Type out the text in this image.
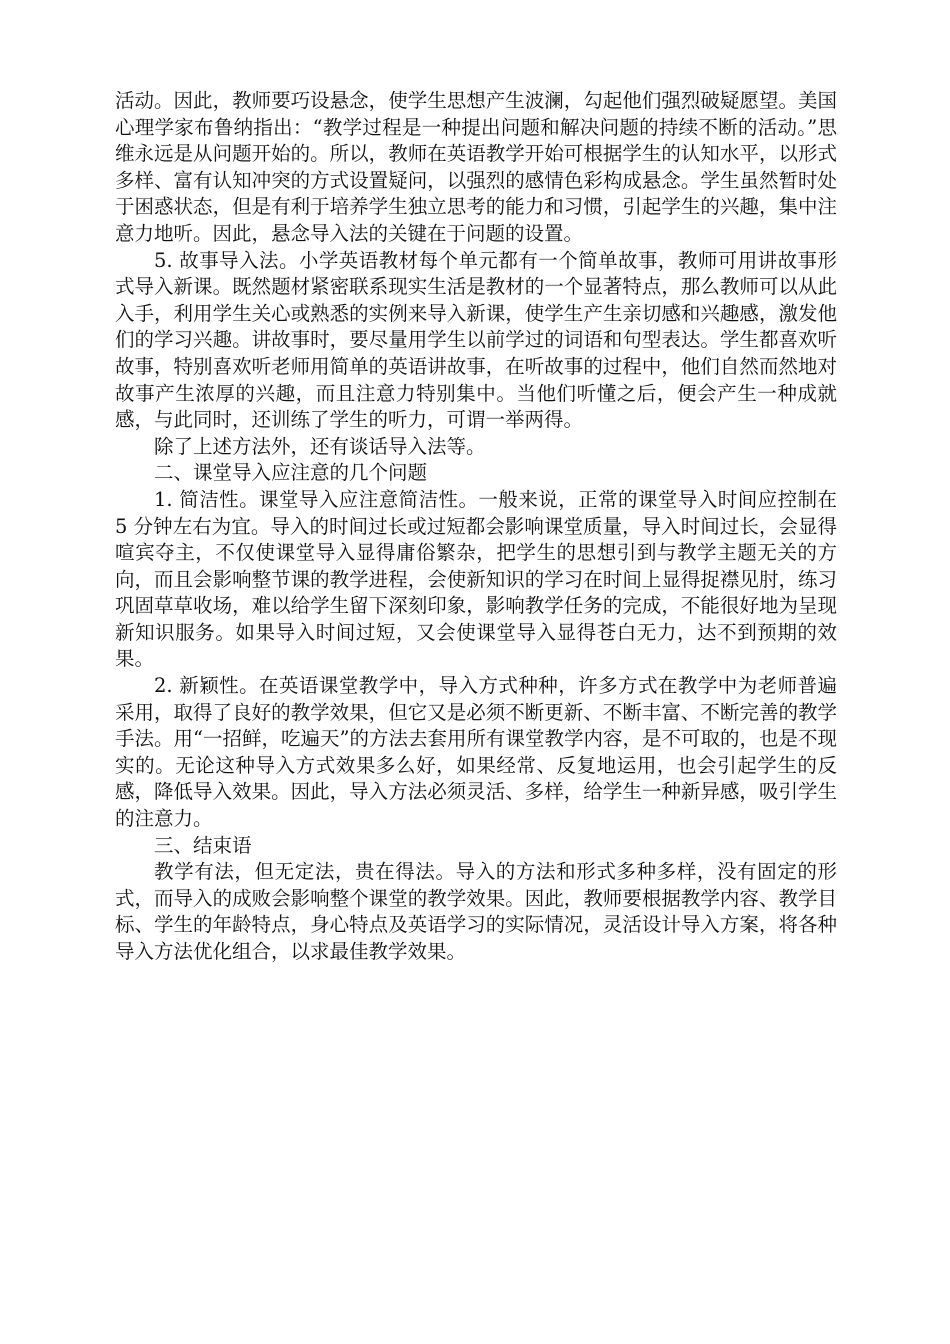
活动。因此，教师要巧设悬念，使学生思想产生波澜，勾起他们强烈破疑愿望。美国心理学家布鲁纳指出：“教学过程是一种提出问题和解决问题的持续不断的活动。”思维永远是从问题开始的。所以，教师在英语教学开始可根据学生的认知水平，以形式多样、富有认知冲突的方式设置疑问，以强烈的感情色彩构成悬念。学生虽然暂时处于困惑状态，但是有利于培养学生独立思考的能力和习惯，引起学生的兴趣，集中注意力地听。因此，悬念导入法的关键在于问题的设置。

5. 故事导入法。小学英语教材每个单元都有一个简单故事，教师可用讲故事形式导入新课。既然题材紧密联系现实生活是教材的一个显著特点，那么教师可以从此入手，利用学生关心或熟悉的实例来导入新课，使学生产生亲切感和兴趣感，激发他们的学习兴趣。讲故事时，要尽量用学生以前学过的词语和句型表达。学生都喜欢听故事，特别喜欢听老师用简单的英语讲故事，在听故事的过程中，他们自然而然地对故事产生浓厚的兴趣，而且注意力特别集中。当他们听懂之后，便会产生一种成就感，与此同时，还训练了学生的听力，可谓一举两得。

除了上述方法外，还有谈话导入法等。

二、课堂导入应注意的几个问题

1. 简洁性。课堂导入应注意简洁性。一般来说，正常的课堂导入时间应控制在 5 分钟左右为宜。导入的时间过长或过短都会影响课堂质量，导入时间过长，会显得喧宾夺主，不仅使课堂导入显得庸俗繁杂，把学生的思想引到与教学主题无关的方向，而且会影响整节课的教学进程，会使新知识的学习在时间上显得捉襟见肘，练习巩固草草收场，难以给学生留下深刻印象，影响教学任务的完成，不能很好地为呈现新知识服务。如果导入时间过短，又会使课堂导入显得苍白无力，达不到预期的效果。

2. 新颖性。在英语课堂教学中，导入方式种种，许多方式在教学中为老师普遍采用，取得了良好的教学效果，但它又是必须不断更新、不断丰富、不断完善的教学手法。用“一招鲜，吃遍天”的方法去套用所有课堂教学内容，是不可取的，也是不现实的。无论这种导入方式效果多么好，如果经常、反复地运用，也会引起学生的反感，降低导入效果。因此，导入方法必须灵活、多样，给学生一种新异感，吸引学生的注意力。

三、结束语

教学有法，但无定法，贵在得法。导入的方法和形式多种多样，没有固定的形式，而导入的成败会影响整个课堂的教学效果。因此，教师要根据教学内容、教学目标、学生的年龄特点，身心特点及英语学习的实际情况，灵活设计导入方案，将各种导入方法优化组合，以求最佳教学效果。
